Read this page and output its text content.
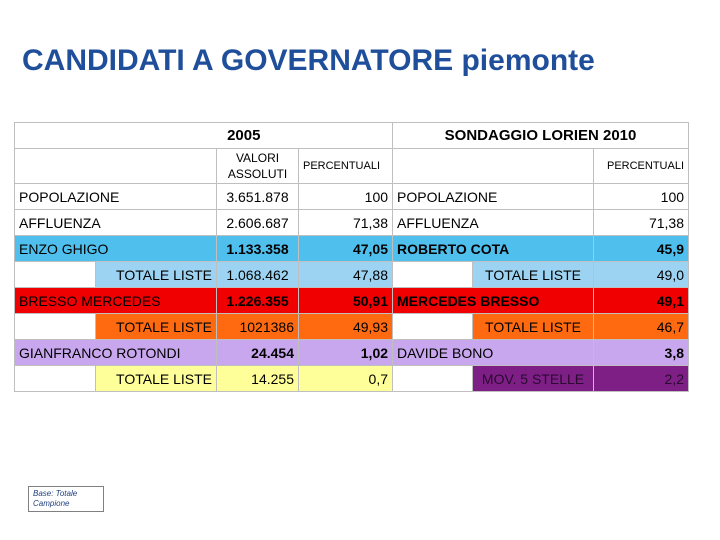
CANDIDATI A GOVERNATORE piemonte
	2005			SONDAGGIO LORIEN 2010		
		VALORI ASSOLUTI	PERCENTUALI			PERCENTUALI
POPOLAZIONE		3.651.878	100	POPOLAZIONE		100
AFFLUENZA		2.606.687	71,38	AFFLUENZA		71,38
ENZO GHIGO		1.133.358	47,05	ROBERTO COTA		45,9
	TOTALE LISTE	1.068.462	47,88		TOTALE LISTE	49,0
BRESSO MERCEDES		1.226.355	50,91	MERCEDES BRESSO		49,1
	TOTALE LISTE	1021386	49,93		TOTALE LISTE	46,7
GIANFRANCO ROTONDI		24.454	1,02	DAVIDE BONO		3,8
	TOTALE LISTE	14.255	0,7		MOV. 5 STELLE	2,2
Base: Totale Campione
